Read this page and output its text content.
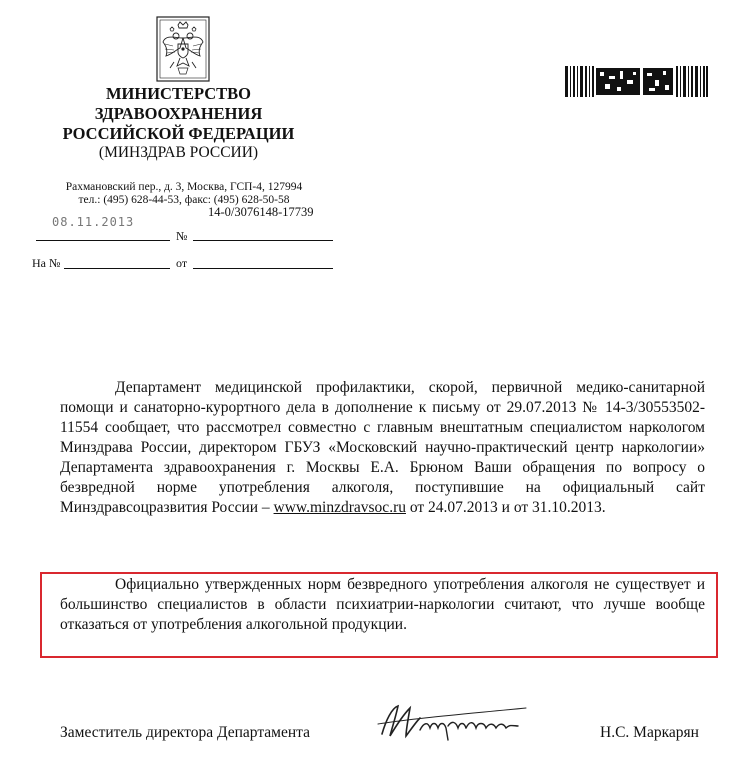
МИНИСТЕРСТВО
ЗДРАВООХРАНЕНИЯ
РОССИЙСКОЙ ФЕДЕРАЦИИ
(МИНЗДРАВ РОССИИ)
Рахмановский пер., д. 3, Москва, ГСП-4, 127994
тел.: (495) 628-44-53, факс: (495) 628-50-58
08.11.2013
14-0/3076148-17739
№
На №	от

Департамент медицинской профилактики, скорой, первичной медико-санитарной помощи и санаторно-курортного дела в дополнение к письму от 29.07.2013 № 14-3/30553502-11554 сообщает, что рассмотрел совместно с главным внештатным специалистом наркологом Минздрава России, директором ГБУЗ «Московский научно-практический центр наркологии» Департамента здравоохранения г. Москвы Е.А. Брюном Ваши обращения по вопросу о безвредной норме употребления алкоголя, поступившие на официальный сайт Минздравсоцразвития России – www.minzdravsoc.ru от 24.07.2013 и от 31.10.2013.

Официально утвержденных норм безвредного употребления алкоголя не существует и большинство специалистов в области психиатрии-наркологии считают, что лучше вообще отказаться от употребления алкогольной продукции.

Заместитель директора Департамента	Н.С. Маркарян
